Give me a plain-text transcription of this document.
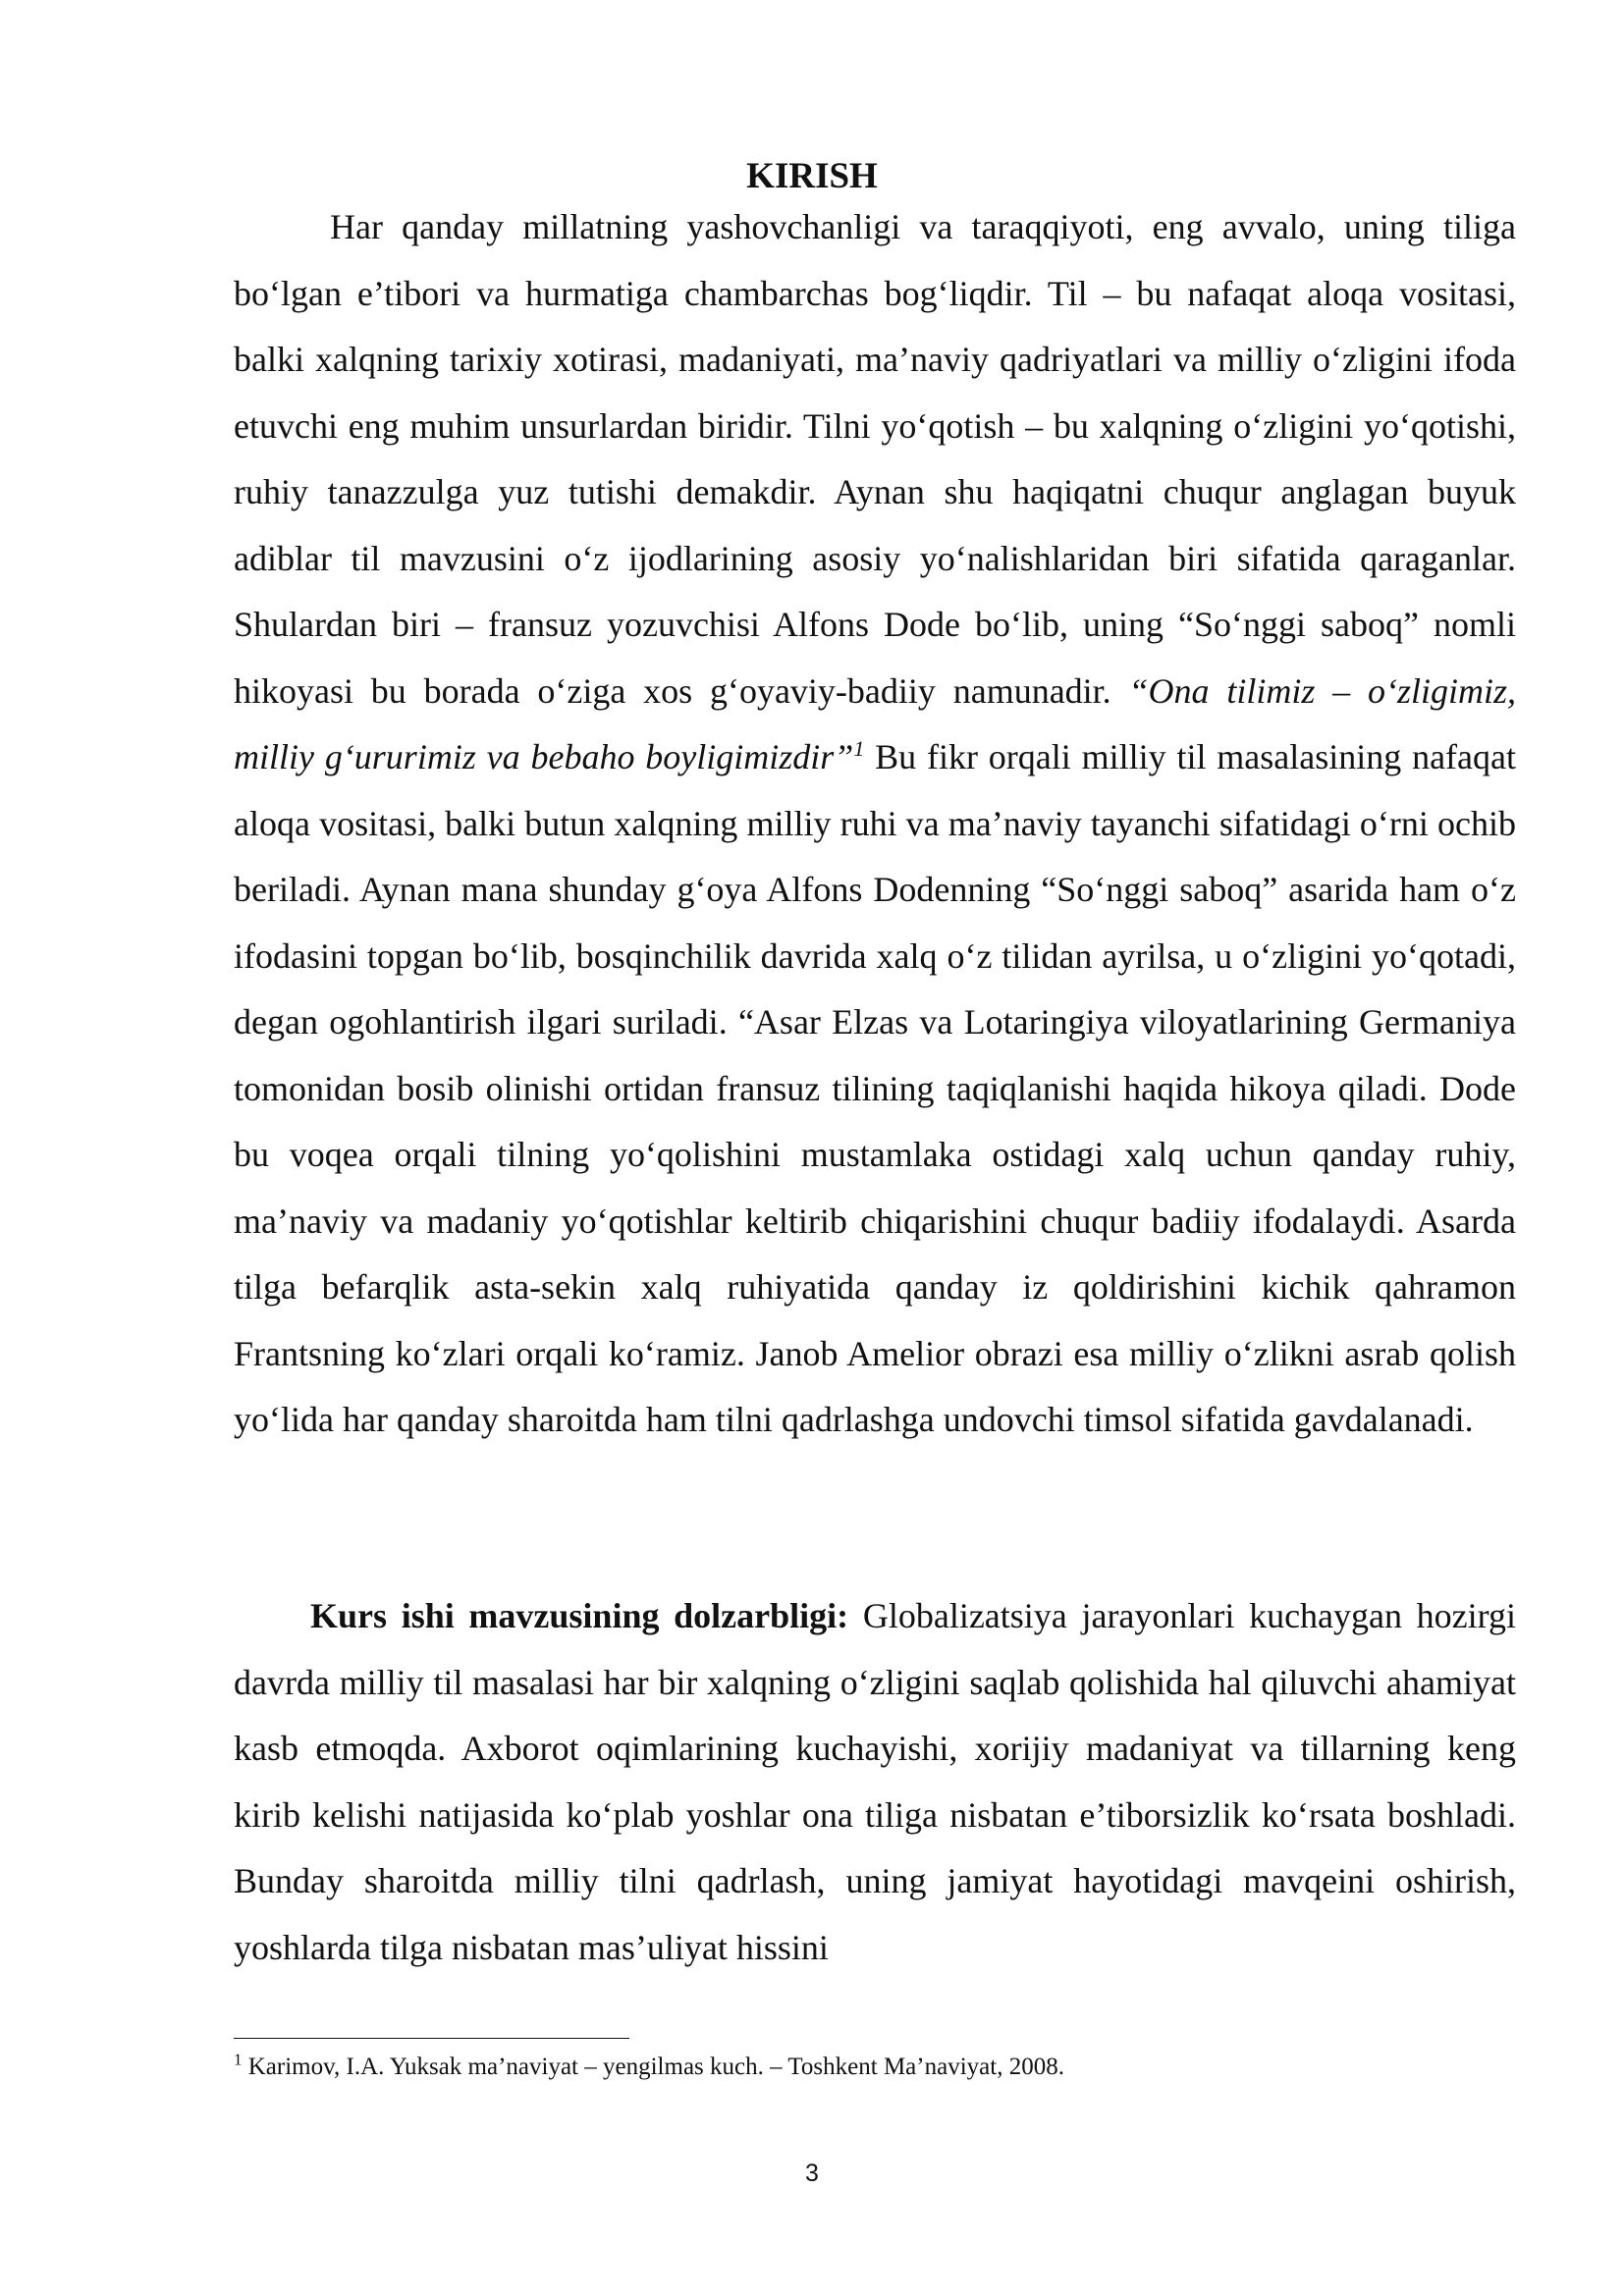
KIRISH

Har qanday millatning yashovchanligi va taraqqiyoti, eng avvalo, uning tiliga bo‘lgan e’tibori va hurmatiga chambarchas bog‘liqdir. Til – bu nafaqat aloqa vositasi, balki xalqning tarixiy xotirasi, madaniyati, ma’naviy qadriyatlari va milliy o‘zligini ifoda etuvchi eng muhim unsurlardan biridir. Tilni yo‘qotish – bu xalqning o‘zligini yo‘qotishi, ruhiy tanazzulga yuz tutishi demakdir. Aynan shu haqiqatni chuqur anglagan buyuk adiblar til mavzusini o‘z ijodlarining asosiy yo‘nalishlaridan biri sifatida qaraganlar. Shulardan biri – fransuz yozuvchisi Alfons Dode bo‘lib, uning “So‘nggi saboq” nomli hikoyasi bu borada o‘ziga xos g‘oyaviy-badiiy namunadir. “Ona tilimiz – o‘zligimiz, milliy g‘ururimiz va bebaho boyligimizdir”$^1$ Bu fikr orqali milliy til masalasining nafaqat aloqa vositasi, balki butun xalqning milliy ruhi va ma’naviy tayanchi sifatidagi o‘rni ochib beriladi. Aynan mana shunday g‘oya Alfons Dodenning “So‘nggi saboq” asarida ham o‘z ifodasini topgan bo‘lib, bosqinchilik davrida xalq o‘z tilidan ayrilsa, u o‘zligini yo‘qotadi, degan ogohlantirish ilgari suriladi. “Asar Elzas va Lotaringiya viloyatlarining Germaniya tomonidan bosib olinishi ortidan fransuz tilining taqiqlanishi haqida hikoya qiladi. Dode bu voqea orqali tilning yo‘qolishini mustamlaka ostidagi xalq uchun qanday ruhiy, ma’naviy va madaniy yo‘qotishlar keltirib chiqarishini chuqur badiiy ifodalaydi. Asarda tilga befarqlik asta-sekin xalq ruhiyatida qanday iz qoldirishini kichik qahramon Frantsning ko‘zlari orqali ko‘ramiz. Janob Amelior obrazi esa milliy o‘zlikni asrab qolish yo‘lida har qanday sharoitda ham tilni qadrlashga undovchi timsol sifatida gavdalanadi.

Kurs ishi mavzusining dolzarbligi: Globalizatsiya jarayonlari kuchaygan hozirgi davrda milliy til masalasi har bir xalqning o‘zligini saqlab qolishida hal qiluvchi ahamiyat kasb etmoqda. Axborot oqimlarining kuchayishi, xorijiy madaniyat va tillarning keng kirib kelishi natijasida ko‘plab yoshlar ona tiliga nisbatan e’tiborsizlik ko‘rsata boshladi. Bunday sharoitda milliy tilni qadrlash, uning jamiyat hayotidagi mavqeini oshirish, yoshlarda tilga nisbatan mas’uliyat hissini

$^1$ Karimov, I.A. Yuksak ma’naviyat – yengilmas kuch. – Toshkent Ma’naviyat, 2008.
3
